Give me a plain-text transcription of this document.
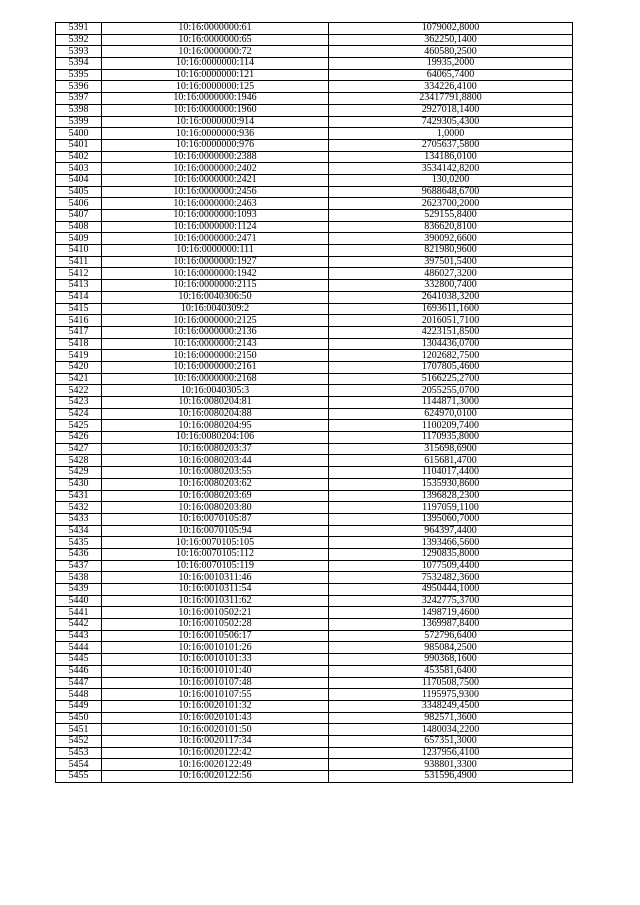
5391	10:16:0000000:61	1079002,8000
5392	10:16:0000000:65	362250,1400
5393	10:16:0000000:72	460580,2500
5394	10:16:0000000:114	19935,2000
5395	10:16:0000000:121	64065,7400
5396	10:16:0000000:125	334226,4100
5397	10:16:0000000:1946	23417791,8800
5398	10:16:0000000:1960	2927018,1400
5399	10:16:0000000:914	7429305,4300
5400	10:16:0000000:936	1,0000
5401	10:16:0000000:976	2705637,5800
5402	10:16:0000000:2388	134186,0100
5403	10:16:0000000:2402	3534142,8200
5404	10:16:0000000:2421	130,0200
5405	10:16:0000000:2456	9688648,6700
5406	10:16:0000000:2463	2623700,2000
5407	10:16:0000000:1093	529155,8400
5408	10:16:0000000:1124	836620,8100
5409	10:16:0000000:2471	390092,6600
5410	10:16:0000000:111	821980,9600
5411	10:16:0000000:1927	397501,5400
5412	10:16:0000000:1942	486027,3200
5413	10:16:0000000:2115	332800,7400
5414	10:16:0040306:50	2641038,3200
5415	10:16:0040309:2	1693611,1600
5416	10:16:0000000:2125	2016051,7100
5417	10:16:0000000:2136	4223151,8500
5418	10:16:0000000:2143	1304436,0700
5419	10:16:0000000:2150	1202682,7500
5420	10:16:0000000:2161	1707805,4600
5421	10:16:0000000:2168	5166225,2700
5422	10:16:0040305:3	2055255,0700
5423	10:16:0080204:81	1144871,3000
5424	10:16:0080204:88	624970,0100
5425	10:16:0080204:95	1100209,7400
5426	10:16:0080204:106	1170935,8000
5427	10:16:0080203:37	315698,6900
5428	10:16:0080203:44	615681,4700
5429	10:16:0080203:55	1104017,4400
5430	10:16:0080203:62	1535930,8600
5431	10:16:0080203:69	1396828,2300
5432	10:16:0080203:80	1197059,1100
5433	10:16:0070105:87	1395060,7000
5434	10:16:0070105:94	964397,4400
5435	10:16:0070105:105	1393466,5600
5436	10:16:0070105:112	1290835,8000
5437	10:16:0070105:119	1077509,4400
5438	10:16:0010311:46	7532482,3600
5439	10:16:0010311:54	4950444,1000
5440	10:16:0010311:62	3242775,3700
5441	10:16:0010502:21	1498719,4600
5442	10:16:0010502:28	1369987,8400
5443	10:16:0010506:17	572796,6400
5444	10:16:0010101:26	985084,2500
5445	10:16:0010101:33	990368,1600
5446	10:16:0010101:40	453581,6400
5447	10:16:0010107:48	1170508,7500
5448	10:16:0010107:55	1195975,9300
5449	10:16:0020101:32	3348249,4500
5450	10:16:0020101:43	982571,3600
5451	10:16:0020101:50	1480034,2200
5452	10:16:0020117:34	657351,3000
5453	10:16:0020122:42	1237956,4100
5454	10:16:0020122:49	938801,3300
5455	10:16:0020122:56	531596,4900
